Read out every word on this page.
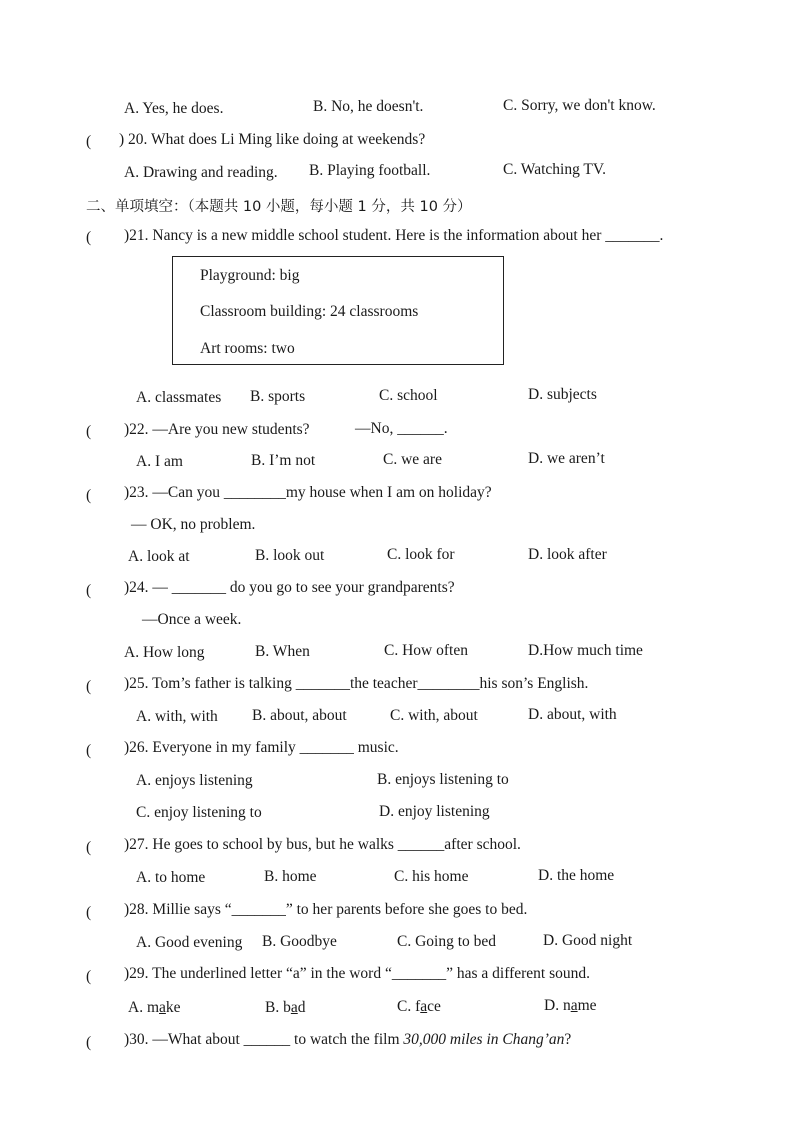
A. Yes, he does.	B. No, he doesn't.	C. Sorry, we don't know.
( ) 20. What does Li Ming like doing at weekends?
A. Drawing and reading. B. Playing football.	C. Watching TV.
二、单项填空：（本题共 10 小题，每小题 1 分，共 10 分）
( )21. Nancy is a new middle school student. Here is the information about her _______.
Playground: big
Classroom building: 24 classrooms
Art rooms: two
A. classmates B. sports	C. school	D. subjects
( )22. —Are you new students?	—No, ______.
A. I am	B. I’m not	C. we are	D. we aren’t
( )23. —Can you ________my house when I am on holiday?
— OK, no problem.
A. look at	B. look out	C. look for	D. look after
( )24. — _______ do you go to see your grandparents?
—Once a week.
A. How long	B. When	C. How often	D.How much time
( )25. Tom’s father is talking _______the teacher________his son’s English.
A. with, with B. about, about	C. with, about	D. about, with
( )26. Everyone in my family _______ music.
A. enjoys listening	B. enjoys listening to
C. enjoy listening to	D. enjoy listening
( )27. He goes to school by bus, but he walks ______after school.
A. to home	B. home	C. his home	D. the home
( )28. Millie says “_______” to her parents before she goes to bed.
A. Good evening B. Goodbye	C. Going to bed	D. Good night
( )29. The underlined letter “a” in the word “_______” has a different sound.
A. make	B. bad	C. face	D. name
( )30. —What about ______ to watch the film 30,000 miles in Chang’an?
